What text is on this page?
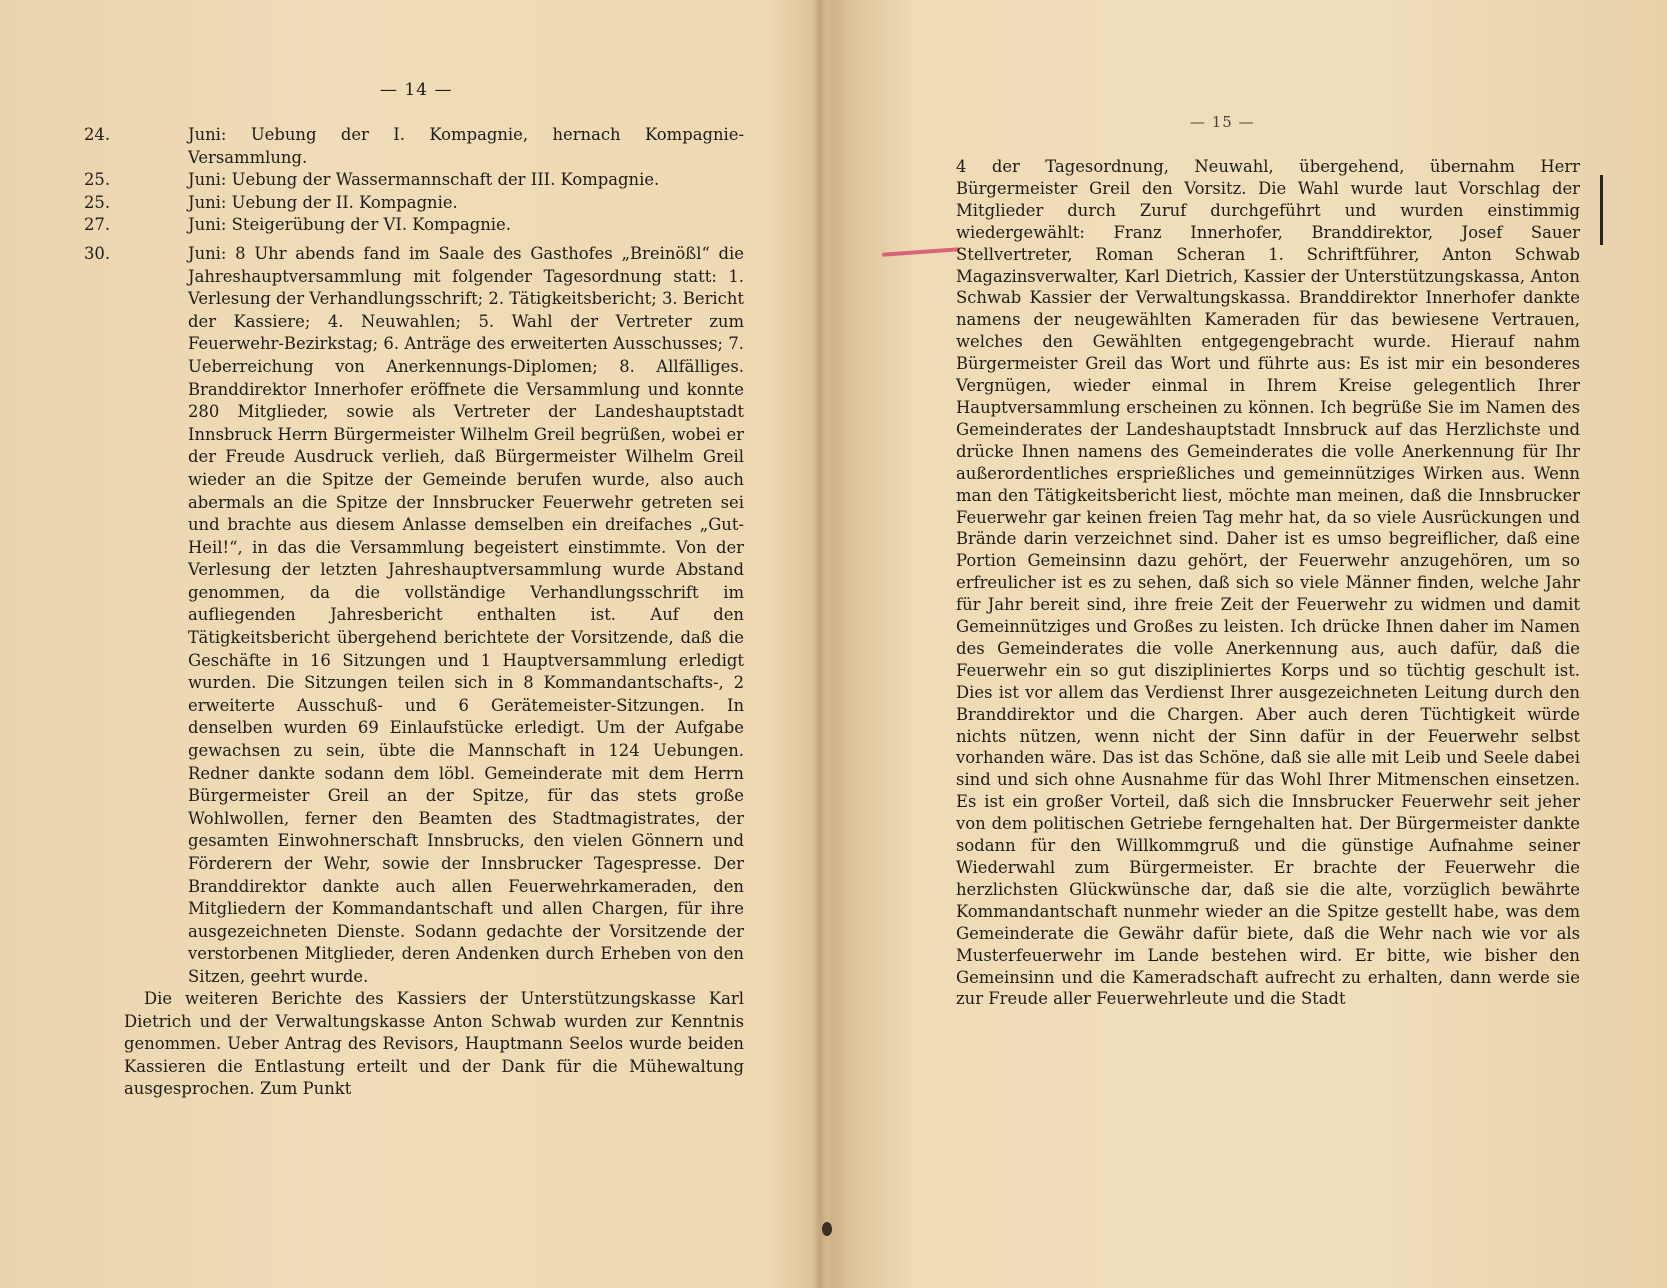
— 14 —
24.	Juni: Uebung der I. Kompagnie, hernach Kompagnie-Versammlung.
25.	Juni: Uebung der Wassermannschaft der III. Kompagnie.
25.	Juni: Uebung der II. Kompagnie.
27.	Juni: Steigerübung der VI. Kompagnie.
30.	Juni: 8 Uhr abends fand im Saale des Gasthofes „Breinößl“ die Jahreshauptversammlung mit folgender Tagesordnung statt: 1. Verlesung der Verhandlungsschrift; 2. Tätigkeitsbericht; 3. Bericht der Kassiere; 4. Neuwahlen; 5. Wahl der Vertreter zum Feuerwehr-Bezirkstag; 6. Anträge des erweiterten Ausschusses; 7. Ueberreichung von Anerkennungs-Diplomen; 8. Allfälliges. Branddirektor Innerhofer eröffnete die Versammlung und konnte 280 Mitglieder, sowie als Vertreter der Landeshauptstadt Innsbruck Herrn Bürgermeister Wilhelm Greil begrüßen, wobei er der Freude Ausdruck verlieh, daß Bürgermeister Wilhelm Greil wieder an die Spitze der Gemeinde berufen wurde, also auch abermals an die Spitze der Innsbrucker Feuerwehr getreten sei und brachte aus diesem Anlasse demselben ein dreifaches „Gut-Heil!“, in das die Versammlung begeistert einstimmte. Von der Verlesung der letzten Jahreshauptversammlung wurde Abstand genommen, da die vollständige Verhandlungsschrift im aufliegenden Jahresbericht enthalten ist. Auf den Tätigkeitsbericht übergehend berichtete der Vorsitzende, daß die Geschäfte in 16 Sitzungen und 1 Hauptversammlung erledigt wurden. Die Sitzungen teilen sich in 8 Kommandantschafts-, 2 erweiterte Ausschuß- und 6 Gerätemeister-Sitzungen. In denselben wurden 69 Einlaufstücke erledigt. Um der Aufgabe gewachsen zu sein, übte die Mannschaft in 124 Uebungen. Redner dankte sodann dem löbl. Gemeinderate mit dem Herrn Bürgermeister Greil an der Spitze, für das stets große Wohlwollen, ferner den Beamten des Stadtmagistrates, der gesamten Einwohnerschaft Innsbrucks, den vielen Gönnern und Förderern der Wehr, sowie der Innsbrucker Tagespresse. Der Branddirektor dankte auch allen Feuerwehrkameraden, den Mitgliedern der Kommandantschaft und allen Chargen, für ihre ausgezeichneten Dienste. Sodann gedachte der Vorsitzende der verstorbenen Mitglieder, deren Andenken durch Erheben von den Sitzen, geehrt wurde.

Die weiteren Berichte des Kassiers der Unterstützungskasse Karl Dietrich und der Verwaltungskasse Anton Schwab wurden zur Kenntnis genommen. Ueber Antrag des Revisors, Hauptmann Seelos wurde beiden Kassieren die Entlastung erteilt und der Dank für die Mühewaltung ausgesprochen. Zum Punkt

— 15 —

4 der Tagesordnung, Neuwahl, übergehend, übernahm Herr Bürgermeister Greil den Vorsitz. Die Wahl wurde laut Vorschlag der Mitglieder durch Zuruf durchgeführt und wurden einstimmig wiedergewählt: Franz Innerhofer, Branddirektor, Josef Sauer Stellvertreter, Roman Scheran 1. Schriftführer, Anton Schwab Magazinsverwalter, Karl Dietrich, Kassier der Unterstützungskassa, Anton Schwab Kassier der Verwaltungskassa. Branddirektor Innerhofer dankte namens der neugewählten Kameraden für das bewiesene Vertrauen, welches den Gewählten entgegengebracht wurde. Hierauf nahm Bürgermeister Greil das Wort und führte aus: Es ist mir ein besonderes Vergnügen, wieder einmal in Ihrem Kreise gelegentlich Ihrer Hauptversammlung erscheinen zu können. Ich begrüße Sie im Namen des Gemeinderates der Landeshauptstadt Innsbruck auf das Herzlichste und drücke Ihnen namens des Gemeinderates die volle Anerkennung für Ihr außerordentliches ersprießliches und gemeinnütziges Wirken aus. Wenn man den Tätigkeitsbericht liest, möchte man meinen, daß die Innsbrucker Feuerwehr gar keinen freien Tag mehr hat, da so viele Ausrückungen und Brände darin verzeichnet sind. Daher ist es umso begreiflicher, daß eine Portion Gemeinsinn dazu gehört, der Feuerwehr anzugehören, um so erfreulicher ist es zu sehen, daß sich so viele Männer finden, welche Jahr für Jahr bereit sind, ihre freie Zeit der Feuerwehr zu widmen und damit Gemeinnütziges und Großes zu leisten. Ich drücke Ihnen daher im Namen des Gemeinderates die volle Anerkennung aus, auch dafür, daß die Feuerwehr ein so gut diszipliniertes Korps und so tüchtig geschult ist. Dies ist vor allem das Verdienst Ihrer ausgezeichneten Leitung durch den Branddirektor und die Chargen. Aber auch deren Tüchtigkeit würde nichts nützen, wenn nicht der Sinn dafür in der Feuerwehr selbst vorhanden wäre. Das ist das Schöne, daß sie alle mit Leib und Seele dabei sind und sich ohne Ausnahme für das Wohl Ihrer Mitmenschen einsetzen. Es ist ein großer Vorteil, daß sich die Innsbrucker Feuerwehr seit jeher von dem politischen Getriebe ferngehalten hat. Der Bürgermeister dankte sodann für den Willkommgruß und die günstige Aufnahme seiner Wiederwahl zum Bürgermeister. Er brachte der Feuerwehr die herzlichsten Glückwünsche dar, daß sie die alte, vorzüglich bewährte Kommandantschaft nunmehr wieder an die Spitze gestellt habe, was dem Gemeinderate die Gewähr dafür biete, daß die Wehr nach wie vor als Musterfeuerwehr im Lande bestehen wird. Er bitte, wie bisher den Gemeinsinn und die Kameradschaft aufrecht zu erhalten, dann werde sie zur Freude aller Feuerwehrleute und die Stadt
